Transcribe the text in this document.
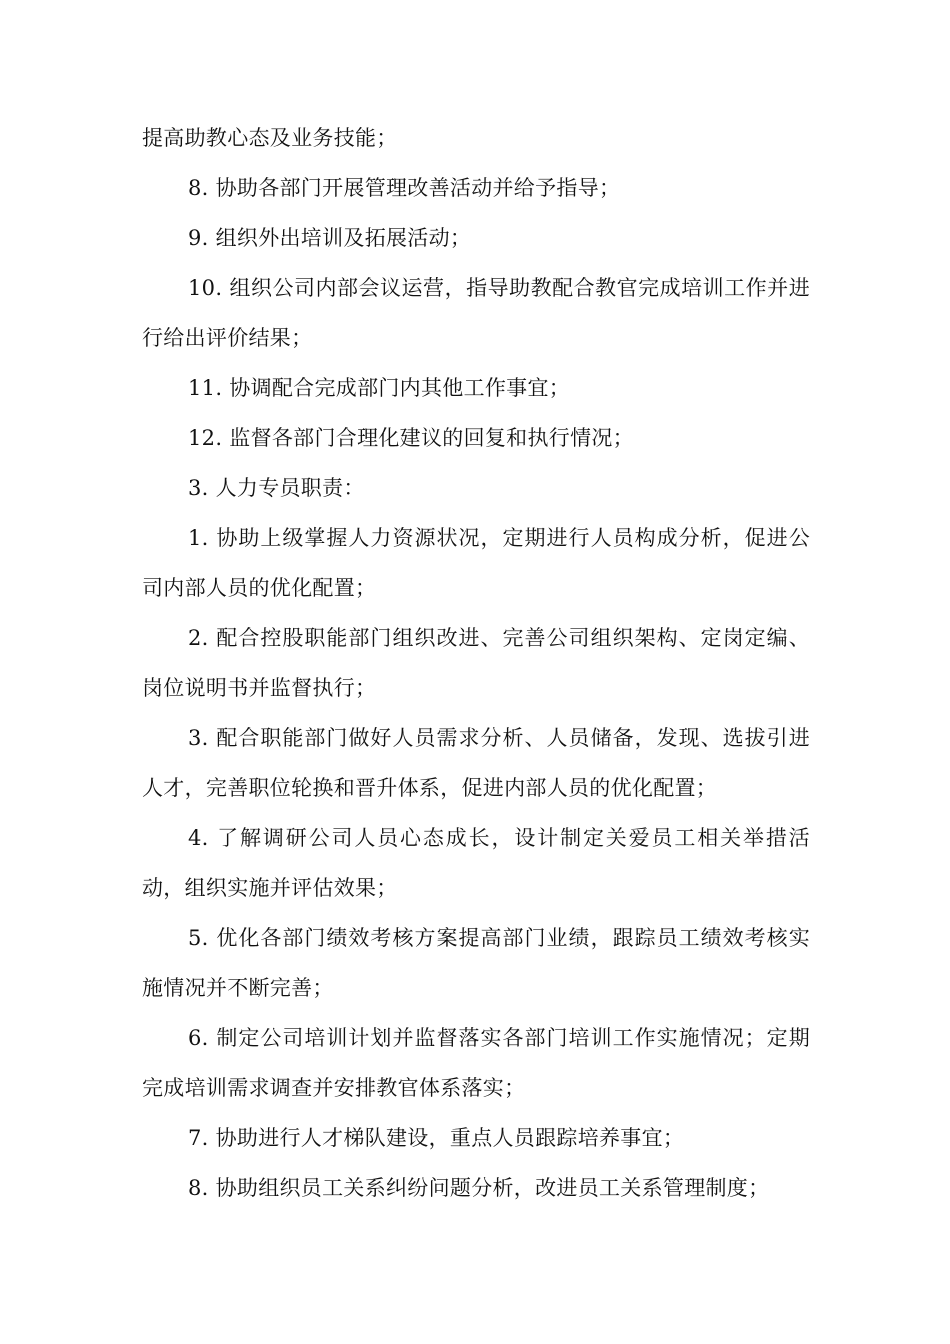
提高助教心态及业务技能；

8. 协助各部门开展管理改善活动并给予指导；

9. 组织外出培训及拓展活动；

10. 组织公司内部会议运营，指导助教配合教官完成培训工作并进行给出评价结果；

11. 协调配合完成部门内其他工作事宜；

12. 监督各部门合理化建议的回复和执行情况；

3. 人力专员职责：

1. 协助上级掌握人力资源状况，定期进行人员构成分析，促进公司内部人员的优化配置；

2. 配合控股职能部门组织改进、完善公司组织架构、定岗定编、岗位说明书并监督执行；

3. 配合职能部门做好人员需求分析、人员储备，发现、选拔引进人才，完善职位轮换和晋升体系，促进内部人员的优化配置；

4. 了解调研公司人员心态成长，设计制定关爱员工相关举措活动，组织实施并评估效果；

5. 优化各部门绩效考核方案提高部门业绩，跟踪员工绩效考核实施情况并不断完善；

6. 制定公司培训计划并监督落实各部门培训工作实施情况；定期完成培训需求调查并安排教官体系落实；

7. 协助进行人才梯队建设，重点人员跟踪培养事宜；

8. 协助组织员工关系纠纷问题分析，改进员工关系管理制度；
